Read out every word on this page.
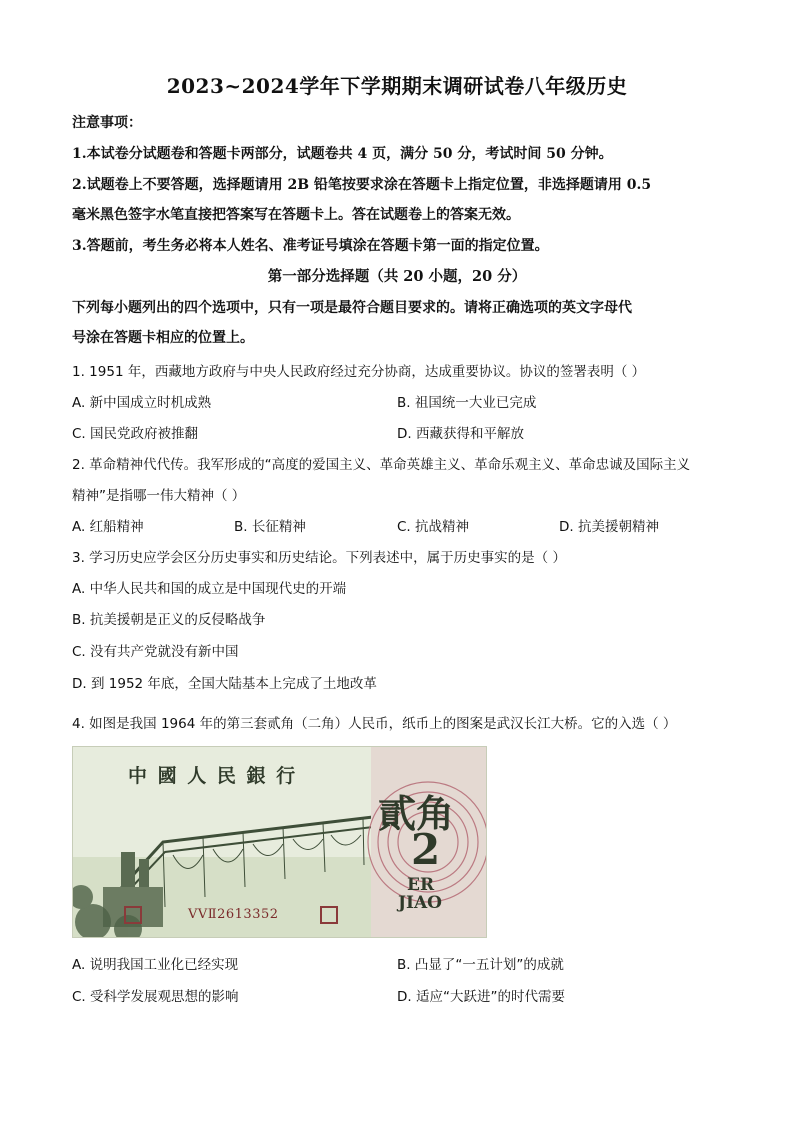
2023~2024学年下学期期末调研试卷八年级历史
注意事项：
1.本试卷分试题卷和答题卡两部分，试题卷共 4 页，满分 50 分，考试时间 50 分钟。
2.试题卷上不要答题，选择题请用 2B 铅笔按要求涂在答题卡上指定位置，非选择题请用 0.5
毫米黑色签字水笔直接把答案写在答题卡上。答在试题卷上的答案无效。
3.答题前，考生务必将本人姓名、准考证号填涂在答题卡第一面的指定位置。
第一部分选择题（共 20 小题，20 分）
下列每小题列出的四个选项中，只有一项是最符合题目要求的。请将正确选项的英文字母代
号涂在答题卡相应的位置上。
1. 1951 年，西藏地方政府与中央人民政府经过充分协商，达成重要协议。协议的签署表明（ ）
A. 新中国成立时机成熟	B. 祖国统一大业已完成
C. 国民党政府被推翻	D. 西藏获得和平解放
2. 革命精神代代传。我军形成的“高度的爱国主义、革命英雄主义、革命乐观主义、革命忠诚及国际主义
精神”是指哪一伟大精神（ ）
A. 红船精神	B. 长征精神	C. 抗战精神	D. 抗美援朝精神
3. 学习历史应学会区分历史事实和历史结论。下列表述中，属于历史事实的是（ ）
A. 中华人民共和国的成立是中国现代史的开端
B. 抗美援朝是正义的反侵略战争
C. 没有共产党就没有新中国
D. 到 1952 年底，全国大陆基本上完成了土地改革
4. 如图是我国 1964 年的第三套贰角（二角）人民币，纸币上的图案是武汉长江大桥。它的入选（ ）
中 國 人 民 銀 行
貳角
2
ER
JIAO
VVⅡ2613352
A. 说明我国工业化已经实现	B. 凸显了“一五计划”的成就
C. 受科学发展观思想的影响	D. 适应“大跃进”的时代需要
